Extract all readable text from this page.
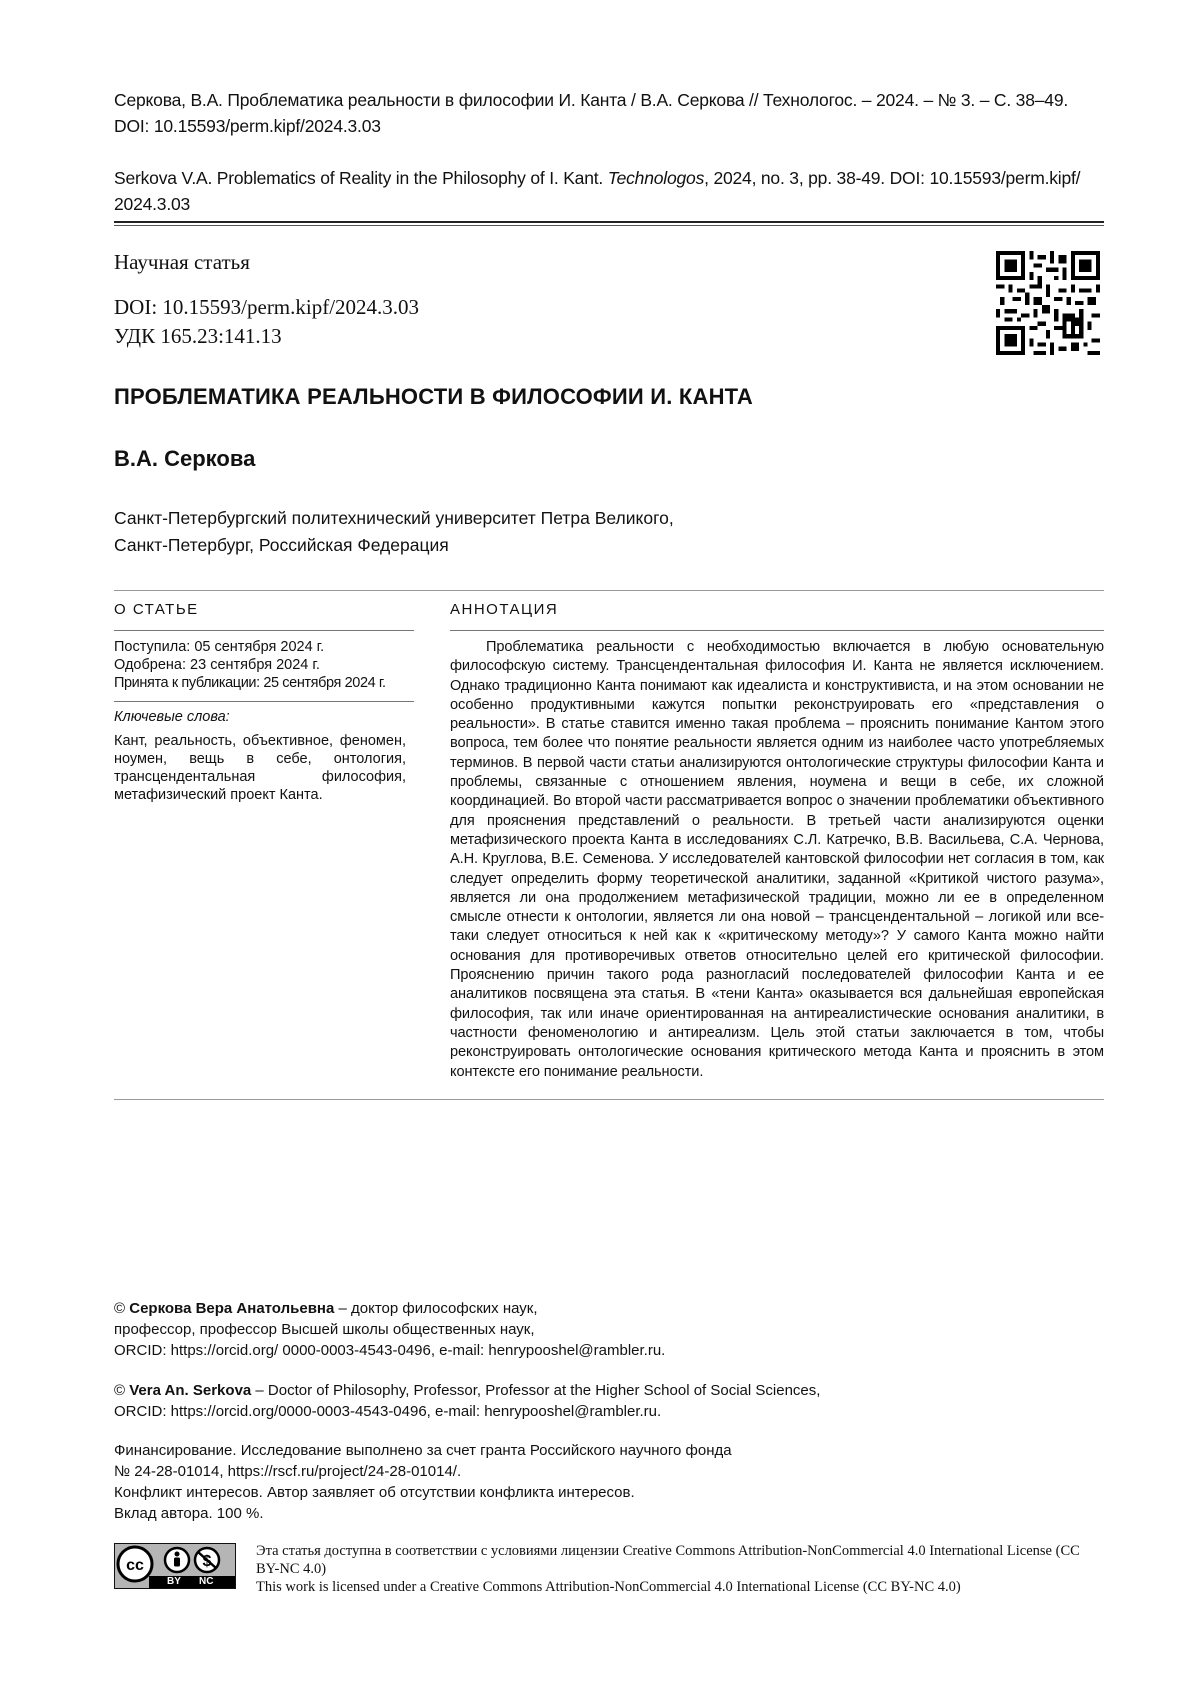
Серкова, В.А. Проблематика реальности в философии И. Канта / В.А. Серкова // Технологос. – 2024. – № 3. – С. 38–49.
DOI: 10.15593/perm.kipf/2024.3.03
Serkova V.A. Problematics of Reality in the Philosophy of I. Kant. Technologos, 2024, no. 3, pp. 38-49. DOI: 10.15593/perm.kipf/
2024.3.03
Научная статья
DOI: 10.15593/perm.kipf/2024.3.03
УДК 165.23:141.13
ПРОБЛЕМАТИКА РЕАЛЬНОСТИ В ФИЛОСОФИИ И. КАНТА
В.А. Серкова
Санкт-Петербургский политехнический университет Петра Великого,
Санкт-Петербург, Российская Федерация
О СТАТЬЕ
Поступила: 05 сентября 2024 г.
Одобрена: 23 сентября 2024 г.
Принята к публикации: 25 сентября 2024 г.
Ключевые слова:
Кант, реальность, объективное, феномен, ноумен, вещь в себе, онтология, трансцендентальная философия, метафизический проект Канта.
АННОТАЦИЯ
Проблематика реальности с необходимостью включается в любую основательную философскую систему. Трансцендентальная философия И. Канта не является исключением. Однако традиционно Канта понимают как идеалиста и конструктивиста, и на этом основании не особенно продуктивными кажутся попытки реконструировать его «представления о реальности». В статье ставится именно такая проблема – прояснить понимание Кантом этого вопроса, тем более что понятие реальности является одним из наиболее часто употребляемых терминов. В первой части статьи анализируются онтологические структуры философии Канта и проблемы, связанные с отношением явления, ноумена и вещи в себе, их сложной координацией. Во второй части рассматривается вопрос о значении проблематики объективного для прояснения представлений о реальности. В третьей части анализируются оценки метафизического проекта Канта в исследованиях С.Л. Катречко, В.В. Васильева, С.А. Чернова, А.Н. Круглова, В.Е. Семенова. У исследователей кантовской философии нет согласия в том, как следует определить форму теоретической аналитики, заданной «Критикой чистого разума», является ли она продолжением метафизической традиции, можно ли ее в определенном смысле отнести к онтологии, является ли она новой – трансцендентальной – логикой или все-таки следует относиться к ней как к «критическому методу»? У самого Канта можно найти основания для противоречивых ответов относительно целей его критической философии. Прояснению причин такого рода разногласий последователей философии Канта и ее аналитиков посвящена эта статья. В «тени Канта» оказывается вся дальнейшая европейская философия, так или иначе ориентированная на антиреалистические основания аналитики, в частности феноменологию и антиреализм. Цель этой статьи заключается в том, чтобы реконструировать онтологические основания критического метода Канта и прояснить в этом контексте его понимание реальности.
© Серкова Вера Анатольевна – доктор философских наук,
профессор, профессор Высшей школы общественных наук,
ORCID: https://orcid.org/ 0000-0003-4543-0496, e-mail: henrypooshel@rambler.ru.
© Vera An. Serkova – Doctor of Philosophy, Professor, Professor at the Higher School of Social Sciences,
ORCID: https://orcid.org/0000-0003-4543-0496, e-mail: henrypooshel@rambler.ru.
Финансирование. Исследование выполнено за счет гранта Российского научного фонда
№ 24-28-01014, https://rscf.ru/project/24-28-01014/.
Конфликт интересов. Автор заявляет об отсутствии конфликта интересов.
Вклад автора. 100 %.
cc
BY NC
Эта статья доступна в соответствии с условиями лицензии Creative Commons Attribution-NonCommercial 4.0 International License (CC BY-NC 4.0)
This work is licensed under a Creative Commons Attribution-NonCommercial 4.0 International License (CC BY-NC 4.0)
